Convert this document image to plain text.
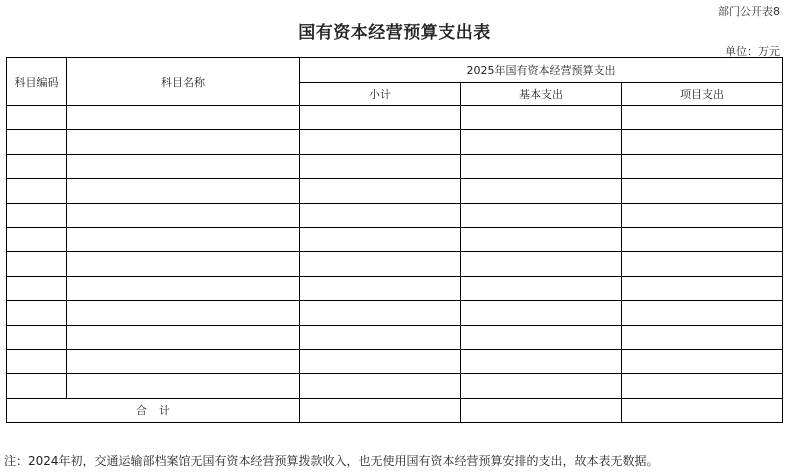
部门公开表8
国有资本经营预算支出表
单位：万元
科目编码	科目名称	2025年国有资本经营预算支出		
		小计	基本支出	项目支出

合计				
注：2024年初，交通运输部档案馆无国有资本经营预算拨款收入，也无使用国有资本经营预算安排的支出，故本表无数据。
